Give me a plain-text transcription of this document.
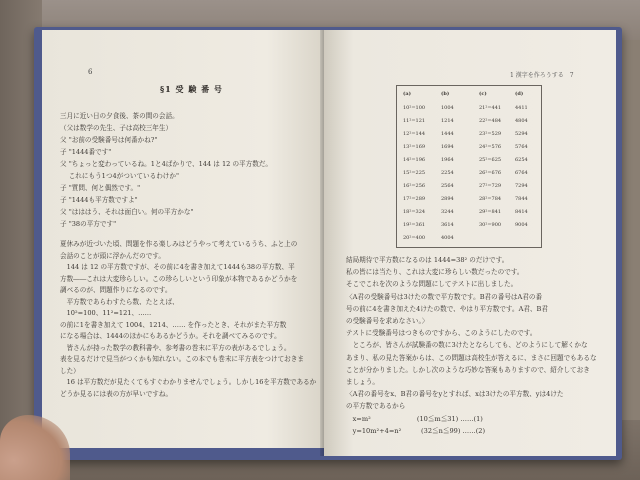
6
§1 受 験 番 号
三月に近い日の夕食後、茶の間の会話。
（父は数学の先生、子は高校三年生）
父 "お前の受験番号は何番かね?"
子 "1444番です"
父 "ちょっと変わっているね。1と4ばかりで、144 は 12 の平方数だ。
　 これにもう1つ4がついているわけか"
子 "質問、何と偶然です。"
子 "1444も平方数ですよ"
父 "はははう、それは面白い。何の平方かな"
子 "38の平方です"
夏休みが近づいた頃、問題を作る楽しみはどうやって考えているうち、ふと上の
会話のことが頭に浮かんだのです。
　144 は 12 の平方数ですが、その前に4を書き加えて1444も38の平方数、平
方数――これは大変珍らしい。この珍らしいという印象が本物であるかどうかを
調べるのが、問題作りになるのです。
　平方数であらわすたら数、たとえば、
　10²=100、11²=121、……
の前に1を書き加えて 1004、1214、…… を作ったとき、それがまた平方数
になる場合は、1444のほかにもあるかどうか。それを調べてみるのです。
　皆さんが持った数学の教科書や、参考書の巻末に平方の表があるでしょう。
表を見るだけで見当がつくかも知れない。この本でも巻末に平方表をつけておきま
した）
　16 は平方数だが見たくてもすぐわかりませんでしょう。しかし16を平方数であるか
どうか見るには表の方が早いですね。
1 漢字を作ろうする　7
(a)	(b)	(c)	(d)
10²=100	1004	21²=441	4411
11²=121	1214	22²=484	4804
12²=144	1444	23²=529	5294
13²=169	1694	24²=576	5764
14²=196	1964	25²=625	6254
15²=225	2254	26²=676	6764
16²=256	2564	27²=729	7294
17²=289	2894	28²=784	7844
18²=324	3244	29²=841	8414
19²=361	3614	30²=900	9004
20²=400	4004
結局期待で平方数になるのは 1444=38² のだけです。
私の皆には当たり、これは大変に珍らしい数だったのです。
そこでこれを次のような問題にしてテストに出しました。
〈A君の受験番号は3けたの数で平方数です。B君の番号はA君の番
号の前に4を書き加えた4けたの数で、やはり平方数です。A君、B君
の受験番号を求めなさい。〉
テストに受験番号はつきものですから、このようにしたのです。
　ところが、皆さんが試験番の数に3けたとならしても、どのようにして解くかな
あまり、私の見た答案からは、この問題は高校生が答えるに、まさに回題でもあるな
ことが分かりました。しかし次のような巧妙な答案もありますので、紹介しておき
ましょう。
〈A君の番号をx、B君の番号をyとすれば、xは3けたの平方数、yは4けた
の平方数であるから
　x=m²　　　　　　　(10≦m≦31) ……(1)
　y=10m²+4=n²　　　(32≦n≦99) ……(2)
